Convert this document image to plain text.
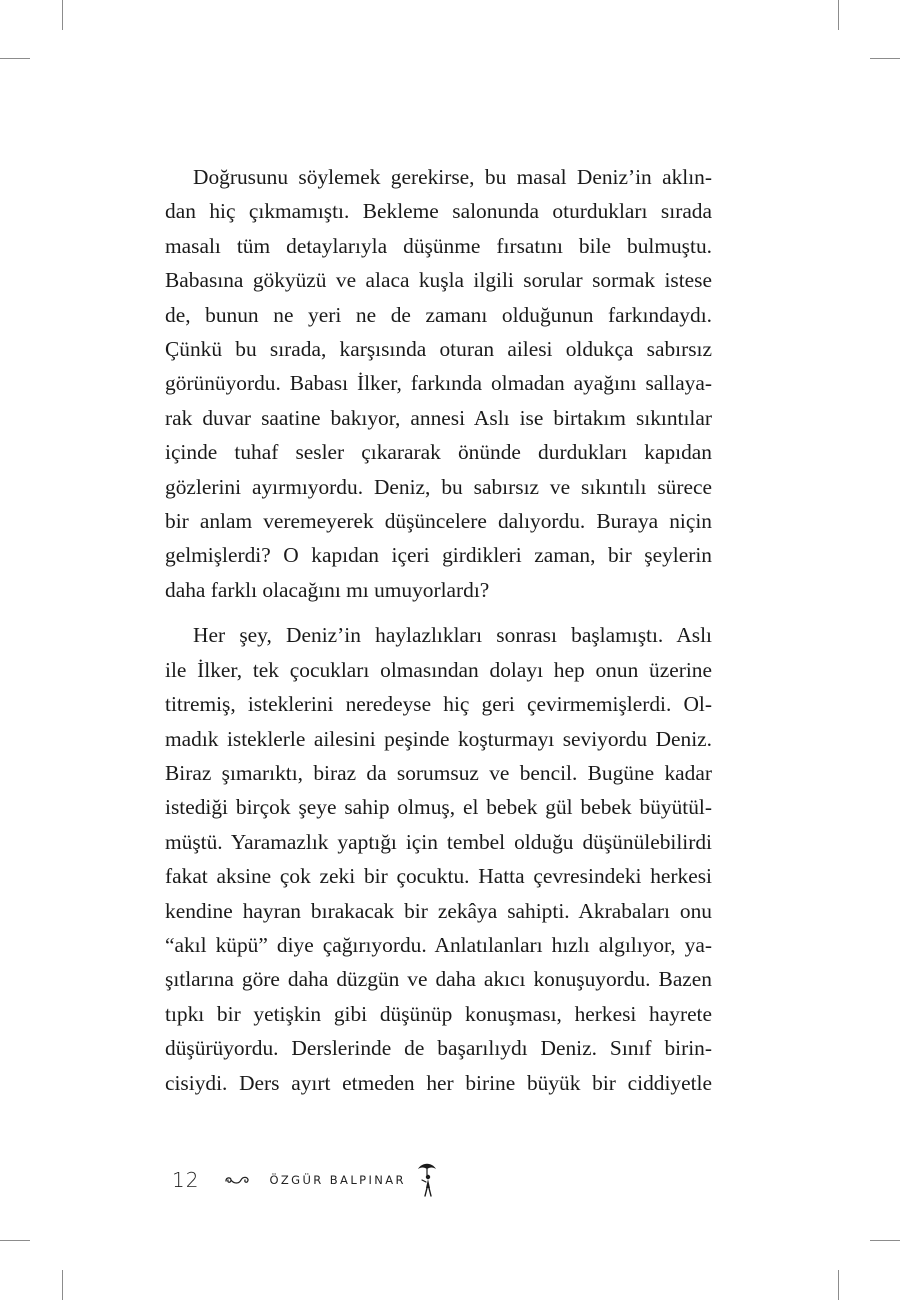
Doğrusunu söylemek gerekirse, bu masal Deniz’in aklın-
dan hiç çıkmamıştı. Bekleme salonunda oturdukları sırada
masalı tüm detaylarıyla düşünme fırsatını bile bulmuştu.
Babasına gökyüzü ve alaca kuşla ilgili sorular sormak istese
de, bunun ne yeri ne de zamanı olduğunun farkındaydı.
Çünkü bu sırada, karşısında oturan ailesi oldukça sabırsız
görünüyordu. Babası İlker, farkında olmadan ayağını sallaya-
rak duvar saatine bakıyor, annesi Aslı ise birtakım sıkıntılar
içinde tuhaf sesler çıkararak önünde durdukları kapıdan
gözlerini ayırmıyordu. Deniz, bu sabırsız ve sıkıntılı sürece
bir anlam veremeyerek düşüncelere dalıyordu. Buraya niçin
gelmişlerdi? O kapıdan içeri girdikleri zaman, bir şeylerin
daha farklı olacağını mı umuyorlardı?

Her şey, Deniz’in haylazlıkları sonrası başlamıştı. Aslı
ile İlker, tek çocukları olmasından dolayı hep onun üzerine
titremiş, isteklerini neredeyse hiç geri çevirmemişlerdi. Ol-
madık isteklerle ailesini peşinde koşturmayı seviyordu Deniz.
Biraz şımarıktı, biraz da sorumsuz ve bencil. Bugüne kadar
istediği birçok şeye sahip olmuş, el bebek gül bebek büyütül-
müştü. Yaramazlık yaptığı için tembel olduğu düşünülebilirdi
fakat aksine çok zeki bir çocuktu. Hatta çevresindeki herkesi
kendine hayran bırakacak bir zekâya sahipti. Akrabaları onu
“akıl küpü” diye çağırıyordu. Anlatılanları hızlı algılıyor, ya-
şıtlarına göre daha düzgün ve daha akıcı konuşuyordu. Bazen
tıpkı bir yetişkin gibi düşünüp konuşması, herkesi hayrete
düşürüyordu. Derslerinde de başarılıydı Deniz. Sınıf birin-
cisiydi. Ders ayırt etmeden her birine büyük bir ciddiyetle

12	ÖZGÜR BALPINAR
